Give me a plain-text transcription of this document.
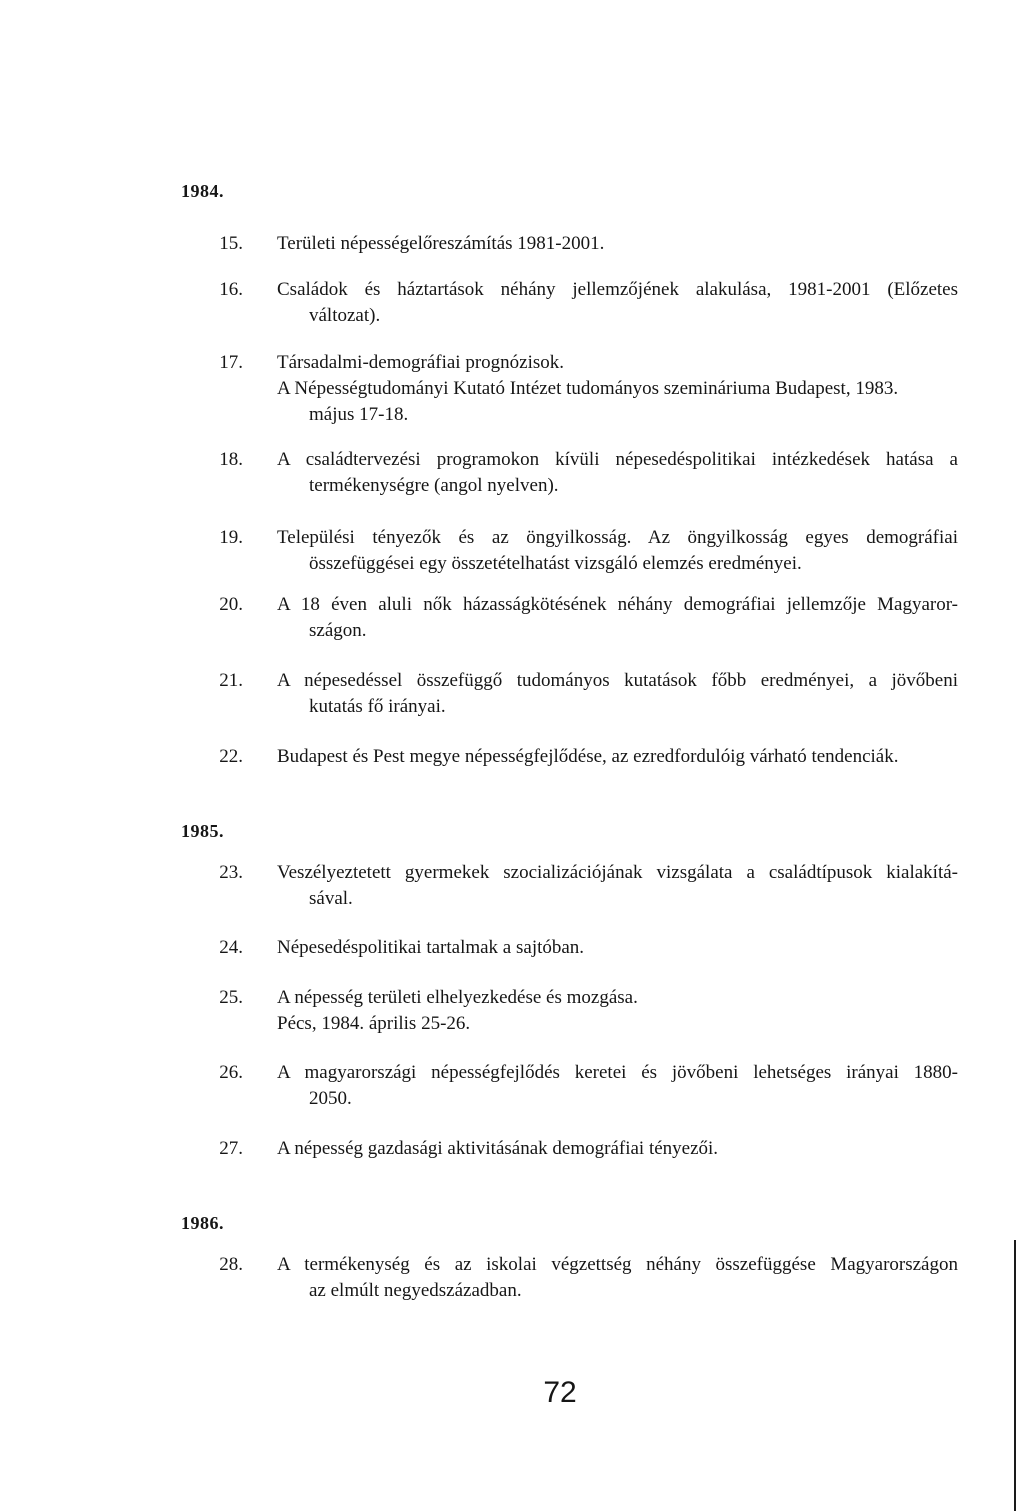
1984.
15. Területi népességelőreszámítás 1981-2001.
16. Családok és háztartások néhány jellemzőjének alakulása, 1981-2001 (Előzetes
változat).
17. Társadalmi-demográfiai prognózisok.
A Népességtudományi Kutató Intézet tudományos szemináriuma Budapest, 1983.
május 17-18.
18. A családtervezési programokon kívüli népesedéspolitikai intézkedések hatása a
termékenységre (angol nyelven).
19. Települési tényezők és az öngyilkosság. Az öngyilkosság egyes demográfiai
összefüggései egy összetételhatást vizsgáló elemzés eredményei.
20. A 18 éven aluli nők házasságkötésének néhány demográfiai jellemzője Magyaror-
szágon.
21. A népesedéssel összefüggő tudományos kutatások főbb eredményei, a jövőbeni
kutatás fő irányai.
22. Budapest és Pest megye népességfejlődése, az ezredfordulóig várható tendenciák.
1985.
23. Veszélyeztetett gyermekek szocializációjának vizsgálata a családtípusok kialakítá-
sával.
24. Népesedéspolitikai tartalmak a sajtóban.
25. A népesség területi elhelyezkedése és mozgása.
Pécs, 1984. április 25-26.
26. A magyarországi népességfejlődés keretei és jövőbeni lehetséges irányai 1880-
2050.
27. A népesség gazdasági aktivitásának demográfiai tényezői.
1986.
28. A termékenység és az iskolai végzettség néhány összefüggése Magyarországon
az elmúlt negyedszázadban.
72
